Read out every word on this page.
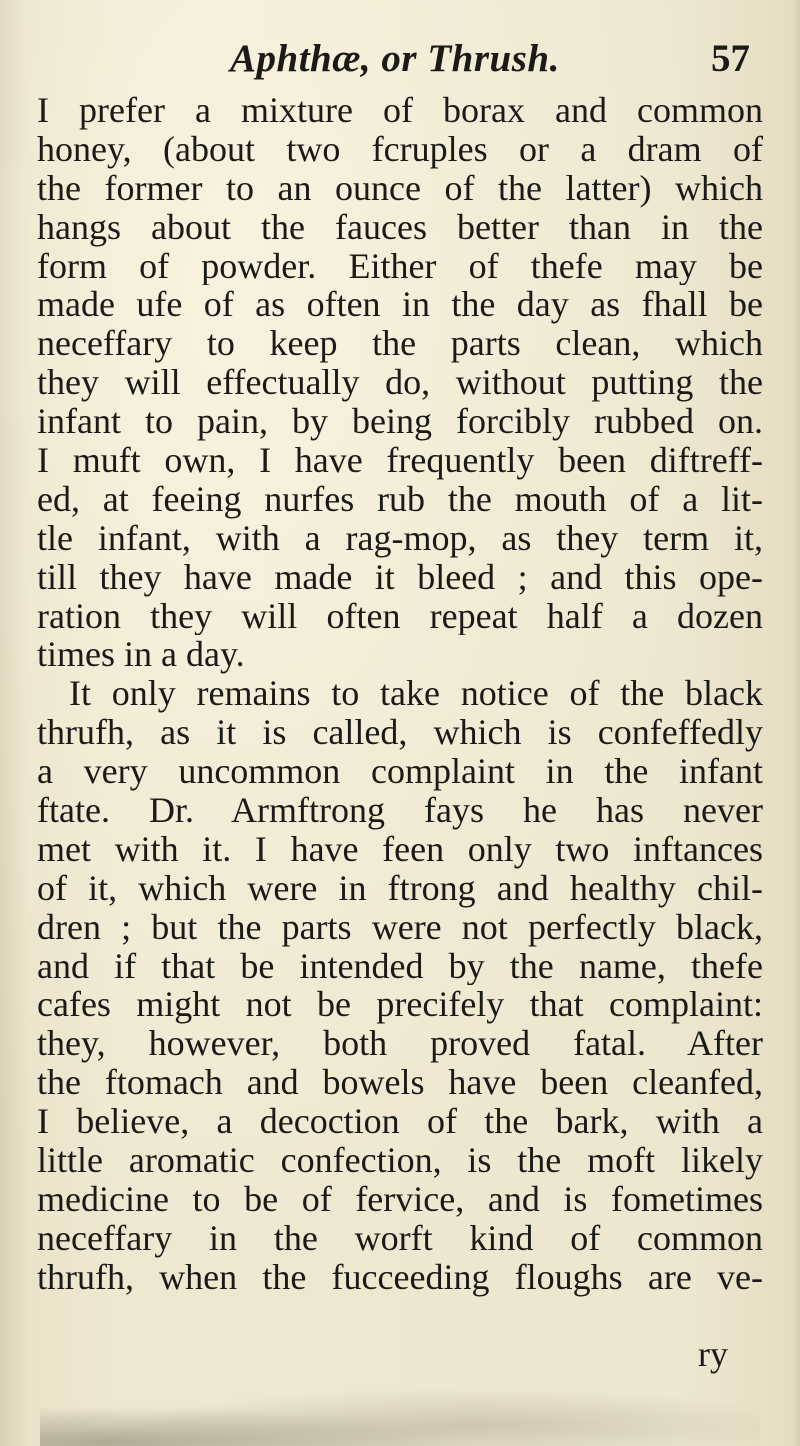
Aphthæ, or Thrush.	57
I prefer a mixture of borax and common
honey, (about two fcruples or a dram of
the former to an ounce of the latter) which
hangs about the fauces better than in the
form of powder. Either of thefe may be
made ufe of as often in the day as fhall be
neceffary to keep the parts clean, which
they will effectually do, without putting the
infant to pain, by being forcibly rubbed on.
I muft own, I have frequently been diftreff-
ed, at feeing nurfes rub the mouth of a lit-
tle infant, with a rag-mop, as they term it,
till they have made it bleed ; and this ope-
ration they will often repeat half a dozen
times in a day.
It only remains to take notice of the black
thrufh, as it is called, which is confeffedly
a very uncommon complaint in the infant
ftate. Dr. Armftrong fays he has never
met with it. I have feen only two inftances
of it, which were in ftrong and healthy chil-
dren ; but the parts were not perfectly black,
and if that be intended by the name, thefe
cafes might not be precifely that complaint:
they, however, both proved fatal. After
the ftomach and bowels have been cleanfed,
I believe, a decoction of the bark, with a
little aromatic confection, is the moft likely
medicine to be of fervice, and is fometimes
neceffary in the worft kind of common
thrufh, when the fucceeding floughs are ve-
ry
